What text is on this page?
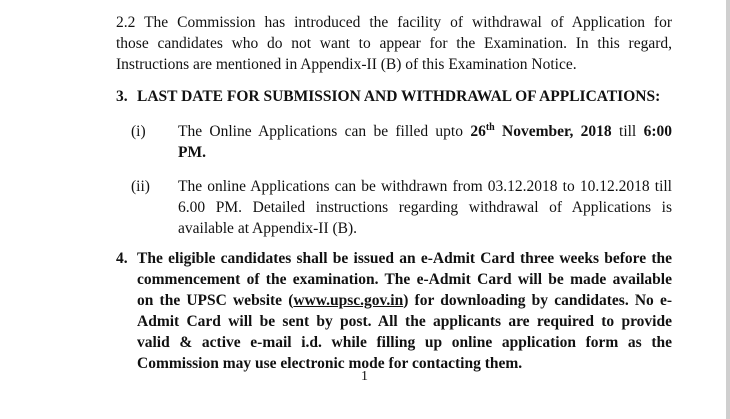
2.2 The Commission has introduced the facility of withdrawal of Application for

those candidates who do not want to appear for the Examination. In this regard,

Instructions are mentioned in Appendix-II (B) of this Examination Notice.

3. LAST DATE FOR SUBMISSION AND WITHDRAWAL OF APPLICATIONS:

(i) The Online Applications can be filled upto 26th November, 2018 till 6:00

PM.

(ii) The online Applications can be withdrawn from 03.12.2018 to 10.12.2018 till

6.00 PM. Detailed instructions regarding withdrawal of Applications is

available at Appendix-II (B).

4. The eligible candidates shall be issued an e-Admit Card three weeks before the

commencement of the examination. The e-Admit Card will be made available

on the UPSC website (www.upsc.gov.in) for downloading by candidates. No e-

Admit Card will be sent by post. All the applicants are required to provide

valid & active e-mail i.d. while filling up online application form as the

Commission may use electronic mode for contacting them.

1
